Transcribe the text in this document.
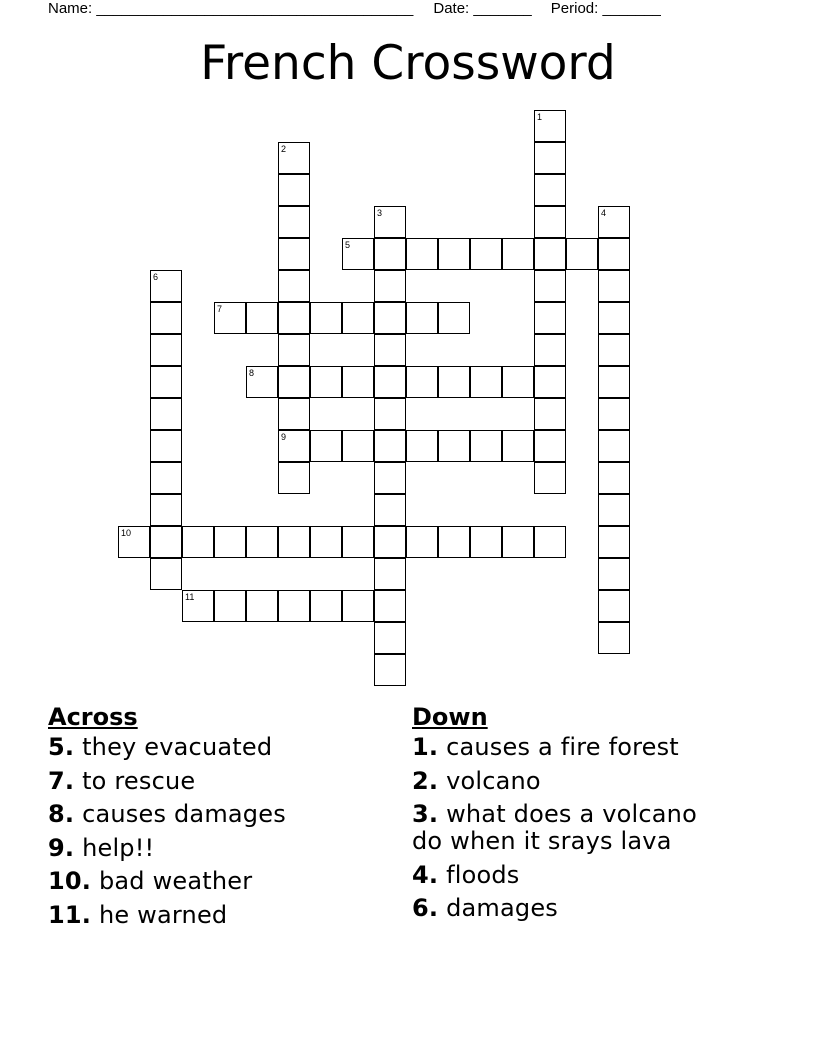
Name: ______________________________________ Date: _______ Period: _______
French Crossword
1
2
9
3	4
5
6
7
8
10
11
Across
5. they evacuated
7. to rescue
8. causes damages
9. help!!
10. bad weather
11. he warned
Down
1. causes a fire forest
2. volcano
3. what does a volcano do when it srays lava
4. floods
6. damages
